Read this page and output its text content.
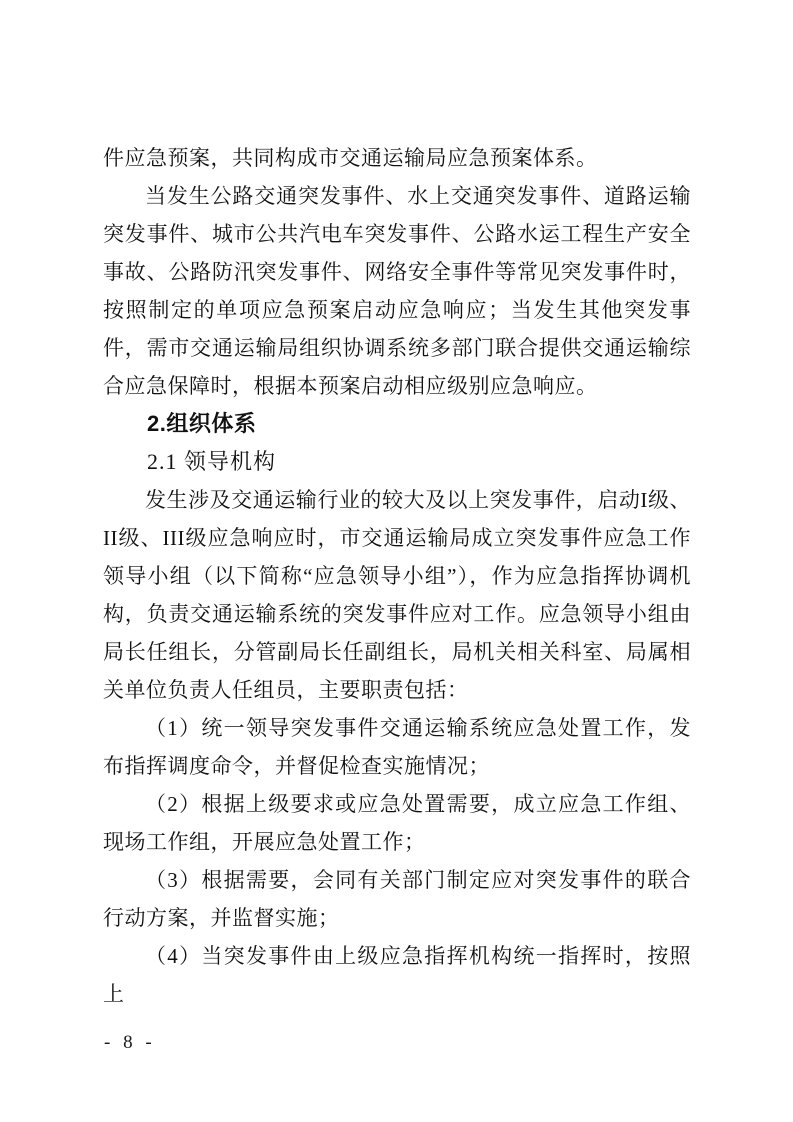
件应急预案，共同构成市交通运输局应急预案体系。

当发生公路交通突发事件、水上交通突发事件、道路运输突发事件、城市公共汽电车突发事件、公路水运工程生产安全事故、公路防汛突发事件、网络安全事件等常见突发事件时，按照制定的单项应急预案启动应急响应；当发生其他突发事件，需市交通运输局组织协调系统多部门联合提供交通运输综合应急保障时，根据本预案启动相应级别应急响应。

2.组织体系

2.1 领导机构

发生涉及交通运输行业的较大及以上突发事件，启动I级、II级、III级应急响应时，市交通运输局成立突发事件应急工作领导小组（以下简称“应急领导小组”），作为应急指挥协调机构，负责交通运输系统的突发事件应对工作。应急领导小组由局长任组长，分管副局长任副组长，局机关相关科室、局属相关单位负责人任组员，主要职责包括：

（1）统一领导突发事件交通运输系统应急处置工作，发布指挥调度命令，并督促检查实施情况；

（2）根据上级要求或应急处置需要，成立应急工作组、现场工作组，开展应急处置工作；

（3）根据需要，会同有关部门制定应对突发事件的联合行动方案，并监督实施；

（4）当突发事件由上级应急指挥机构统一指挥时，按照上

- 8 -
